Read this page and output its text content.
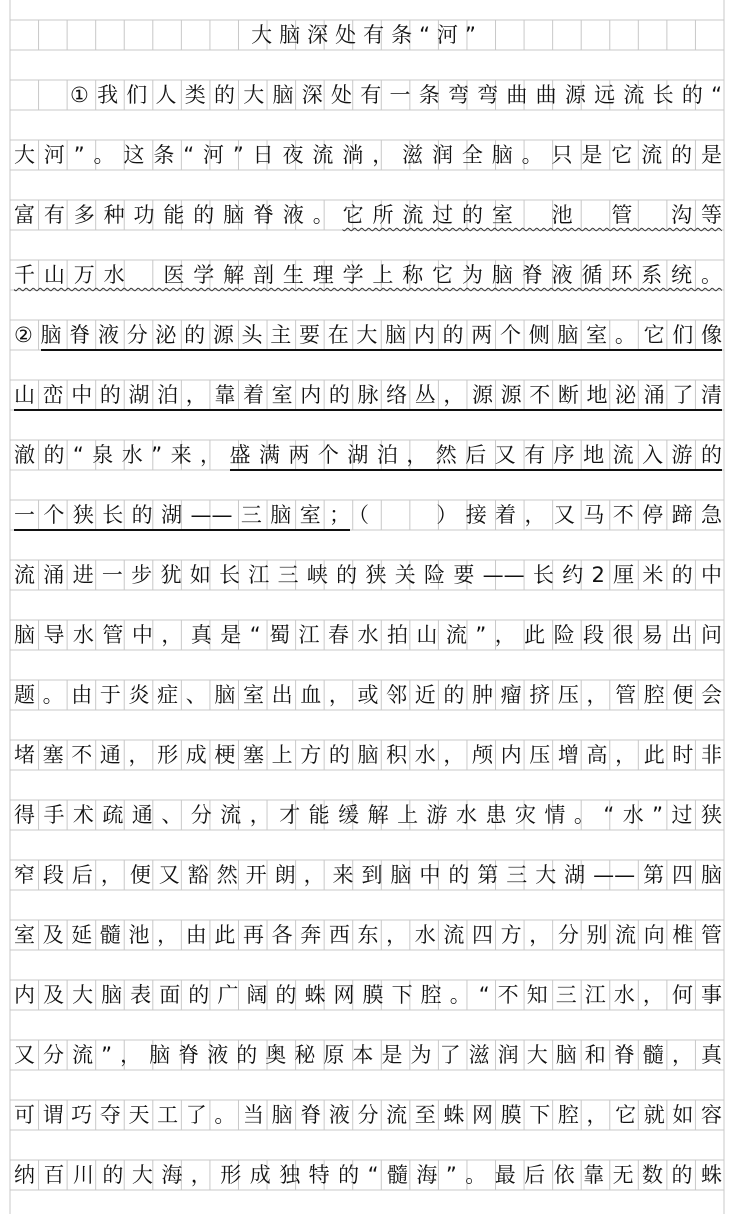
大脑深处有条“河”
①我们人类的大脑深处有一条弯弯曲曲源远流长的“
大河”。这条“河”日夜流淌，滋润全脑。只是它流的是
富有多种功能的脑脊液。它所流过的室　池　管　沟等
千山万水　医学解剖生理学上称它为脑脊液循环系统。
②脑脊液分泌的源头主要在大脑内的两个侧脑室。它们像
山峦中的湖泊，靠着室内的脉络丛，源源不断地泌涌了清
澈的“泉水”来，盛满两个湖泊，然后又有序地流入游的
一个狭长的湖——三脑室；（　　）接着，又马不停蹄急
流涌进一步犹如长江三峡的狭关险要——长约2厘米的中
脑导水管中，真是“蜀江春水拍山流”，此险段很易出问
题。由于炎症、脑室出血，或邻近的肿瘤挤压，管腔便会
堵塞不通，形成梗塞上方的脑积水，颅内压增高，此时非
得手术疏通、分流，才能缓解上游水患灾情。“水”过狭
窄段后，便又豁然开朗，来到脑中的第三大湖——第四脑
室及延髓池，由此再各奔西东，水流四方，分别流向椎管
内及大脑表面的广阔的蛛网膜下腔。“不知三江水，何事
又分流”，脑脊液的奥秘原本是为了滋润大脑和脊髓，真
可谓巧夺天工了。当脑脊液分流至蛛网膜下腔，它就如容
纳百川的大海，形成独特的“髓海”。最后依靠无数的蛛
